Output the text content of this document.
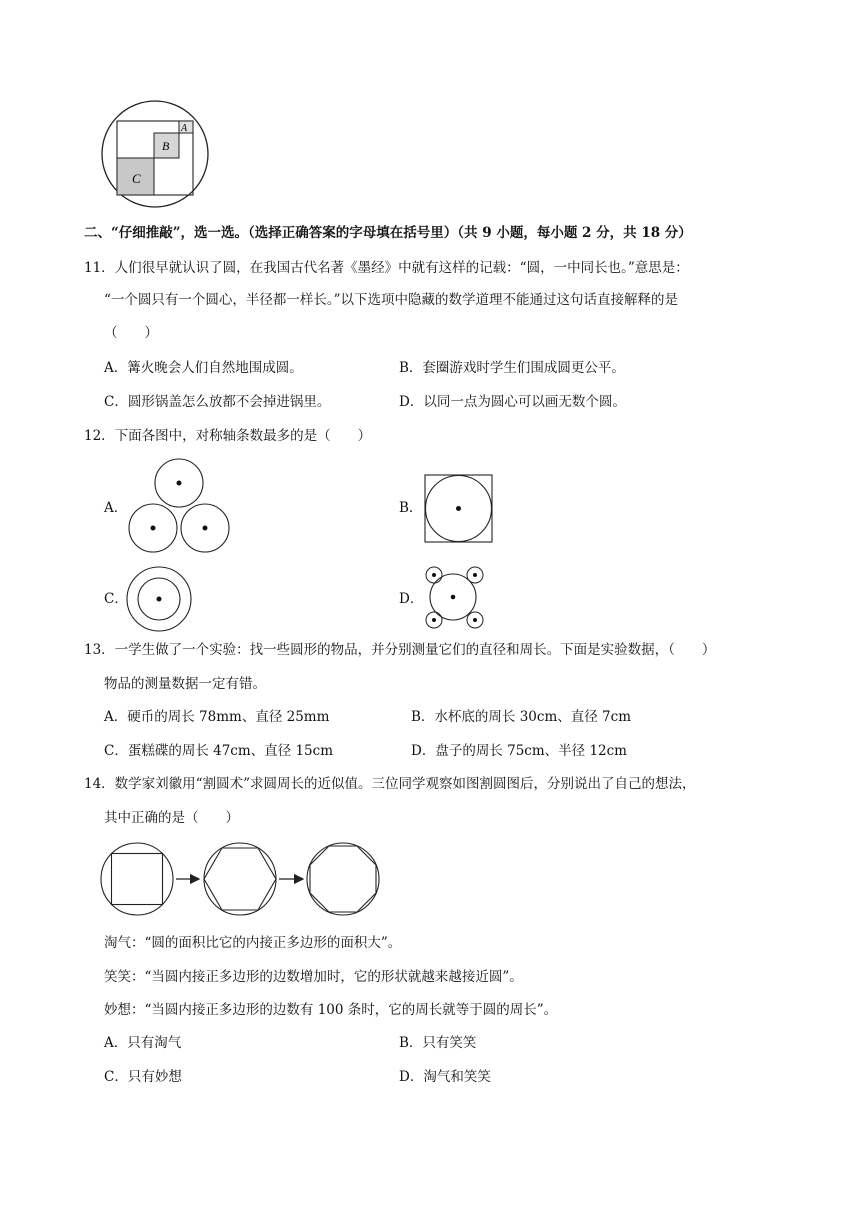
A
B
C
二、“仔细推敲”，选一选。（选择正确答案的字母填在括号里）（共 9 小题，每小题 2 分，共 18 分）
11．人们很早就认识了圆，在我国古代名著《墨经》中就有这样的记载：“圆，一中同长也。”意思是：
“一个圆只有一个圆心，半径都一样长。”以下选项中隐藏的数学道理不能通过这句话直接解释的是
（　　）
A．篝火晚会人们自然地围成圆。	B．套圈游戏时学生们围成圆更公平。
C．圆形锅盖怎么放都不会掉进锅里。	D．以同一点为圆心可以画无数个圆。
12．下面各图中，对称轴条数最多的是（　　）
A．	B．
C．	D．
13．一学生做了一个实验：找一些圆形的物品，并分别测量它们的直径和周长。下面是实验数据，（　　）
物品的测量数据一定有错。
A．硬币的周长 78mm、直径 25mm	B．水杯底的周长 30cm、直径 7cm
C．蛋糕碟的周长 47cm、直径 15cm	D．盘子的周长 75cm、半径 12cm
14．数学家刘徽用“割圆术”求圆周长的近似值。三位同学观察如图割圆图后，分别说出了自己的想法，
其中正确的是（　　）
淘气：“圆的面积比它的内接正多边形的面积大”。
笑笑：“当圆内接正多边形的边数增加时，它的形状就越来越接近圆”。
妙想：“当圆内接正多边形的边数有 100 条时，它的周长就等于圆的周长”。
A．只有淘气	B．只有笑笑
C．只有妙想	D．淘气和笑笑
